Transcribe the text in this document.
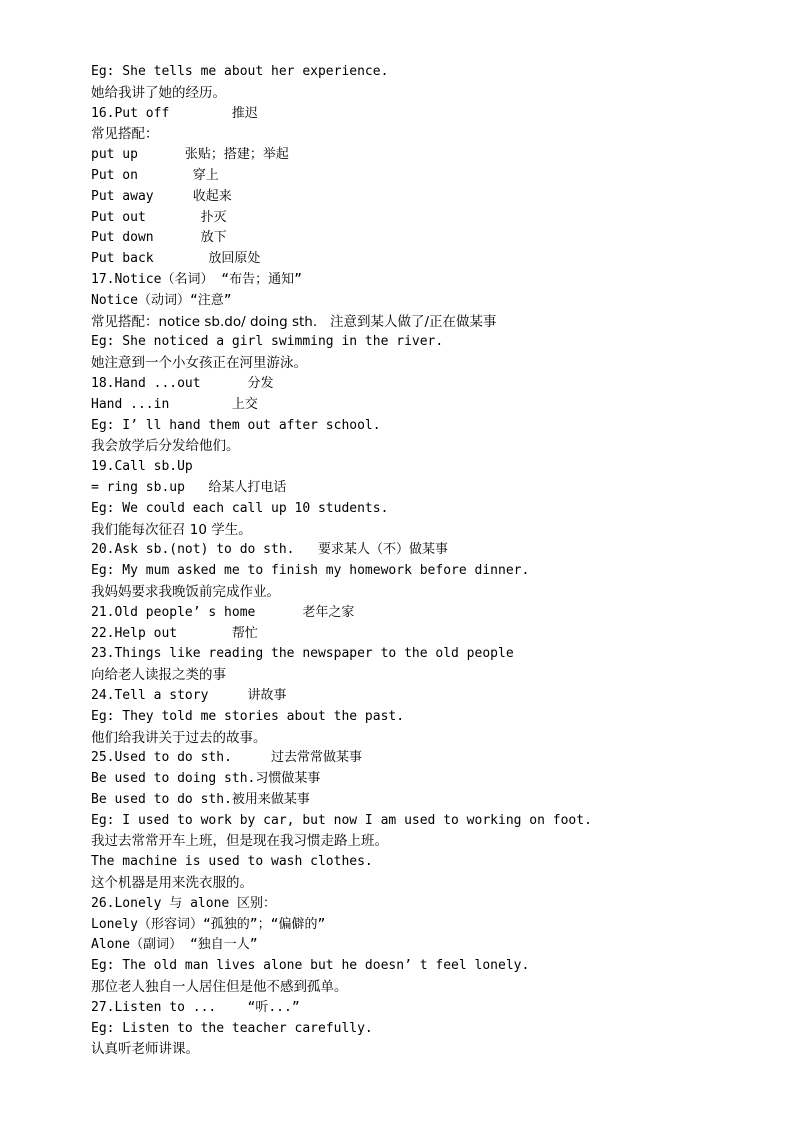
Eg: She tells me about her experience.
她给我讲了她的经历。
16.Put off        推迟
常见搭配：
put up      张贴；搭建；举起
Put on       穿上
Put away     收起来
Put out       扑灭
Put down      放下
Put back       放回原处
17.Notice（名词） “布告；通知”
Notice（动词）“注意”
常见搭配：notice sb.do/ doing sth.   注意到某人做了/正在做某事
Eg: She noticed a girl swimming in the river.
她注意到一个小女孩正在河里游泳。
18.Hand ...out      分发
Hand ...in        上交
Eg: I’ ll hand them out after school.
我会放学后分发给他们。
19.Call sb.Up
= ring sb.up   给某人打电话
Eg: We could each call up 10 students.
我们能每次征召 10 学生。
20.Ask sb.(not) to do sth.   要求某人（不）做某事
Eg: My mum asked me to finish my homework before dinner.
我妈妈要求我晚饭前完成作业。
21.Old people’ s home      老年之家
22.Help out       帮忙
23.Things like reading the newspaper to the old people
向给老人读报之类的事
24.Tell a story     讲故事
Eg: They told me stories about the past.
他们给我讲关于过去的故事。
25.Used to do sth.     过去常常做某事
Be used to doing sth.习惯做某事
Be used to do sth.被用来做某事
Eg: I used to work by car, but now I am used to working on foot.
我过去常常开车上班，但是现在我习惯走路上班。
The machine is used to wash clothes.
这个机器是用来洗衣服的。
26.Lonely 与 alone 区别：
Lonely（形容词）“孤独的”；“偏僻的”
Alone（副词） “独自一人”
Eg: The old man lives alone but he doesn’ t feel lonely.
那位老人独自一人居住但是他不感到孤单。
27.Listen to ...    “听...”
Eg: Listen to the teacher carefully.
认真听老师讲课。
